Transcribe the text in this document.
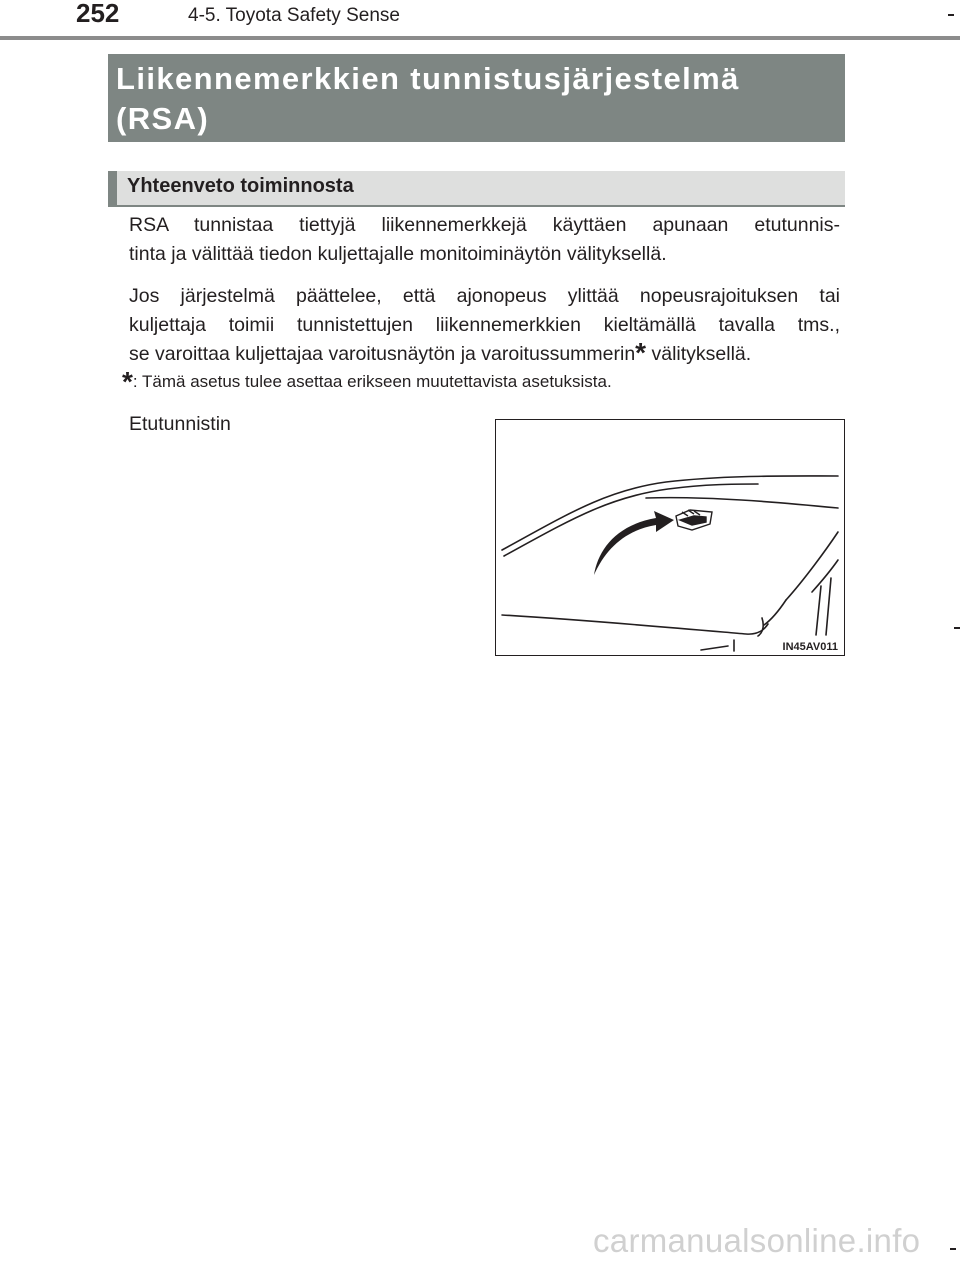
252	4-5. Toyota Safety Sense
Liikennemerkkien tunnistusjärjestelmä
(RSA)
Yhteenveto toiminnosta
RSA tunnistaa tiettyjä liikennemerkkejä käyttäen apunaan etutunnis-
tinta ja välittää tiedon kuljettajalle monitoiminäytön välityksellä.
Jos järjestelmä päättelee, että ajonopeus ylittää nopeusrajoituksen tai
kuljettaja toimii tunnistettujen liikennemerkkien kieltämällä tavalla tms.,
se varoittaa kuljettajaa varoitusnäytön ja varoitussummerin* välityksellä.
*: Tämä asetus tulee asettaa erikseen muutettavista asetuksista.
Etutunnistin
IN45AV011
carmanualsonline.info
